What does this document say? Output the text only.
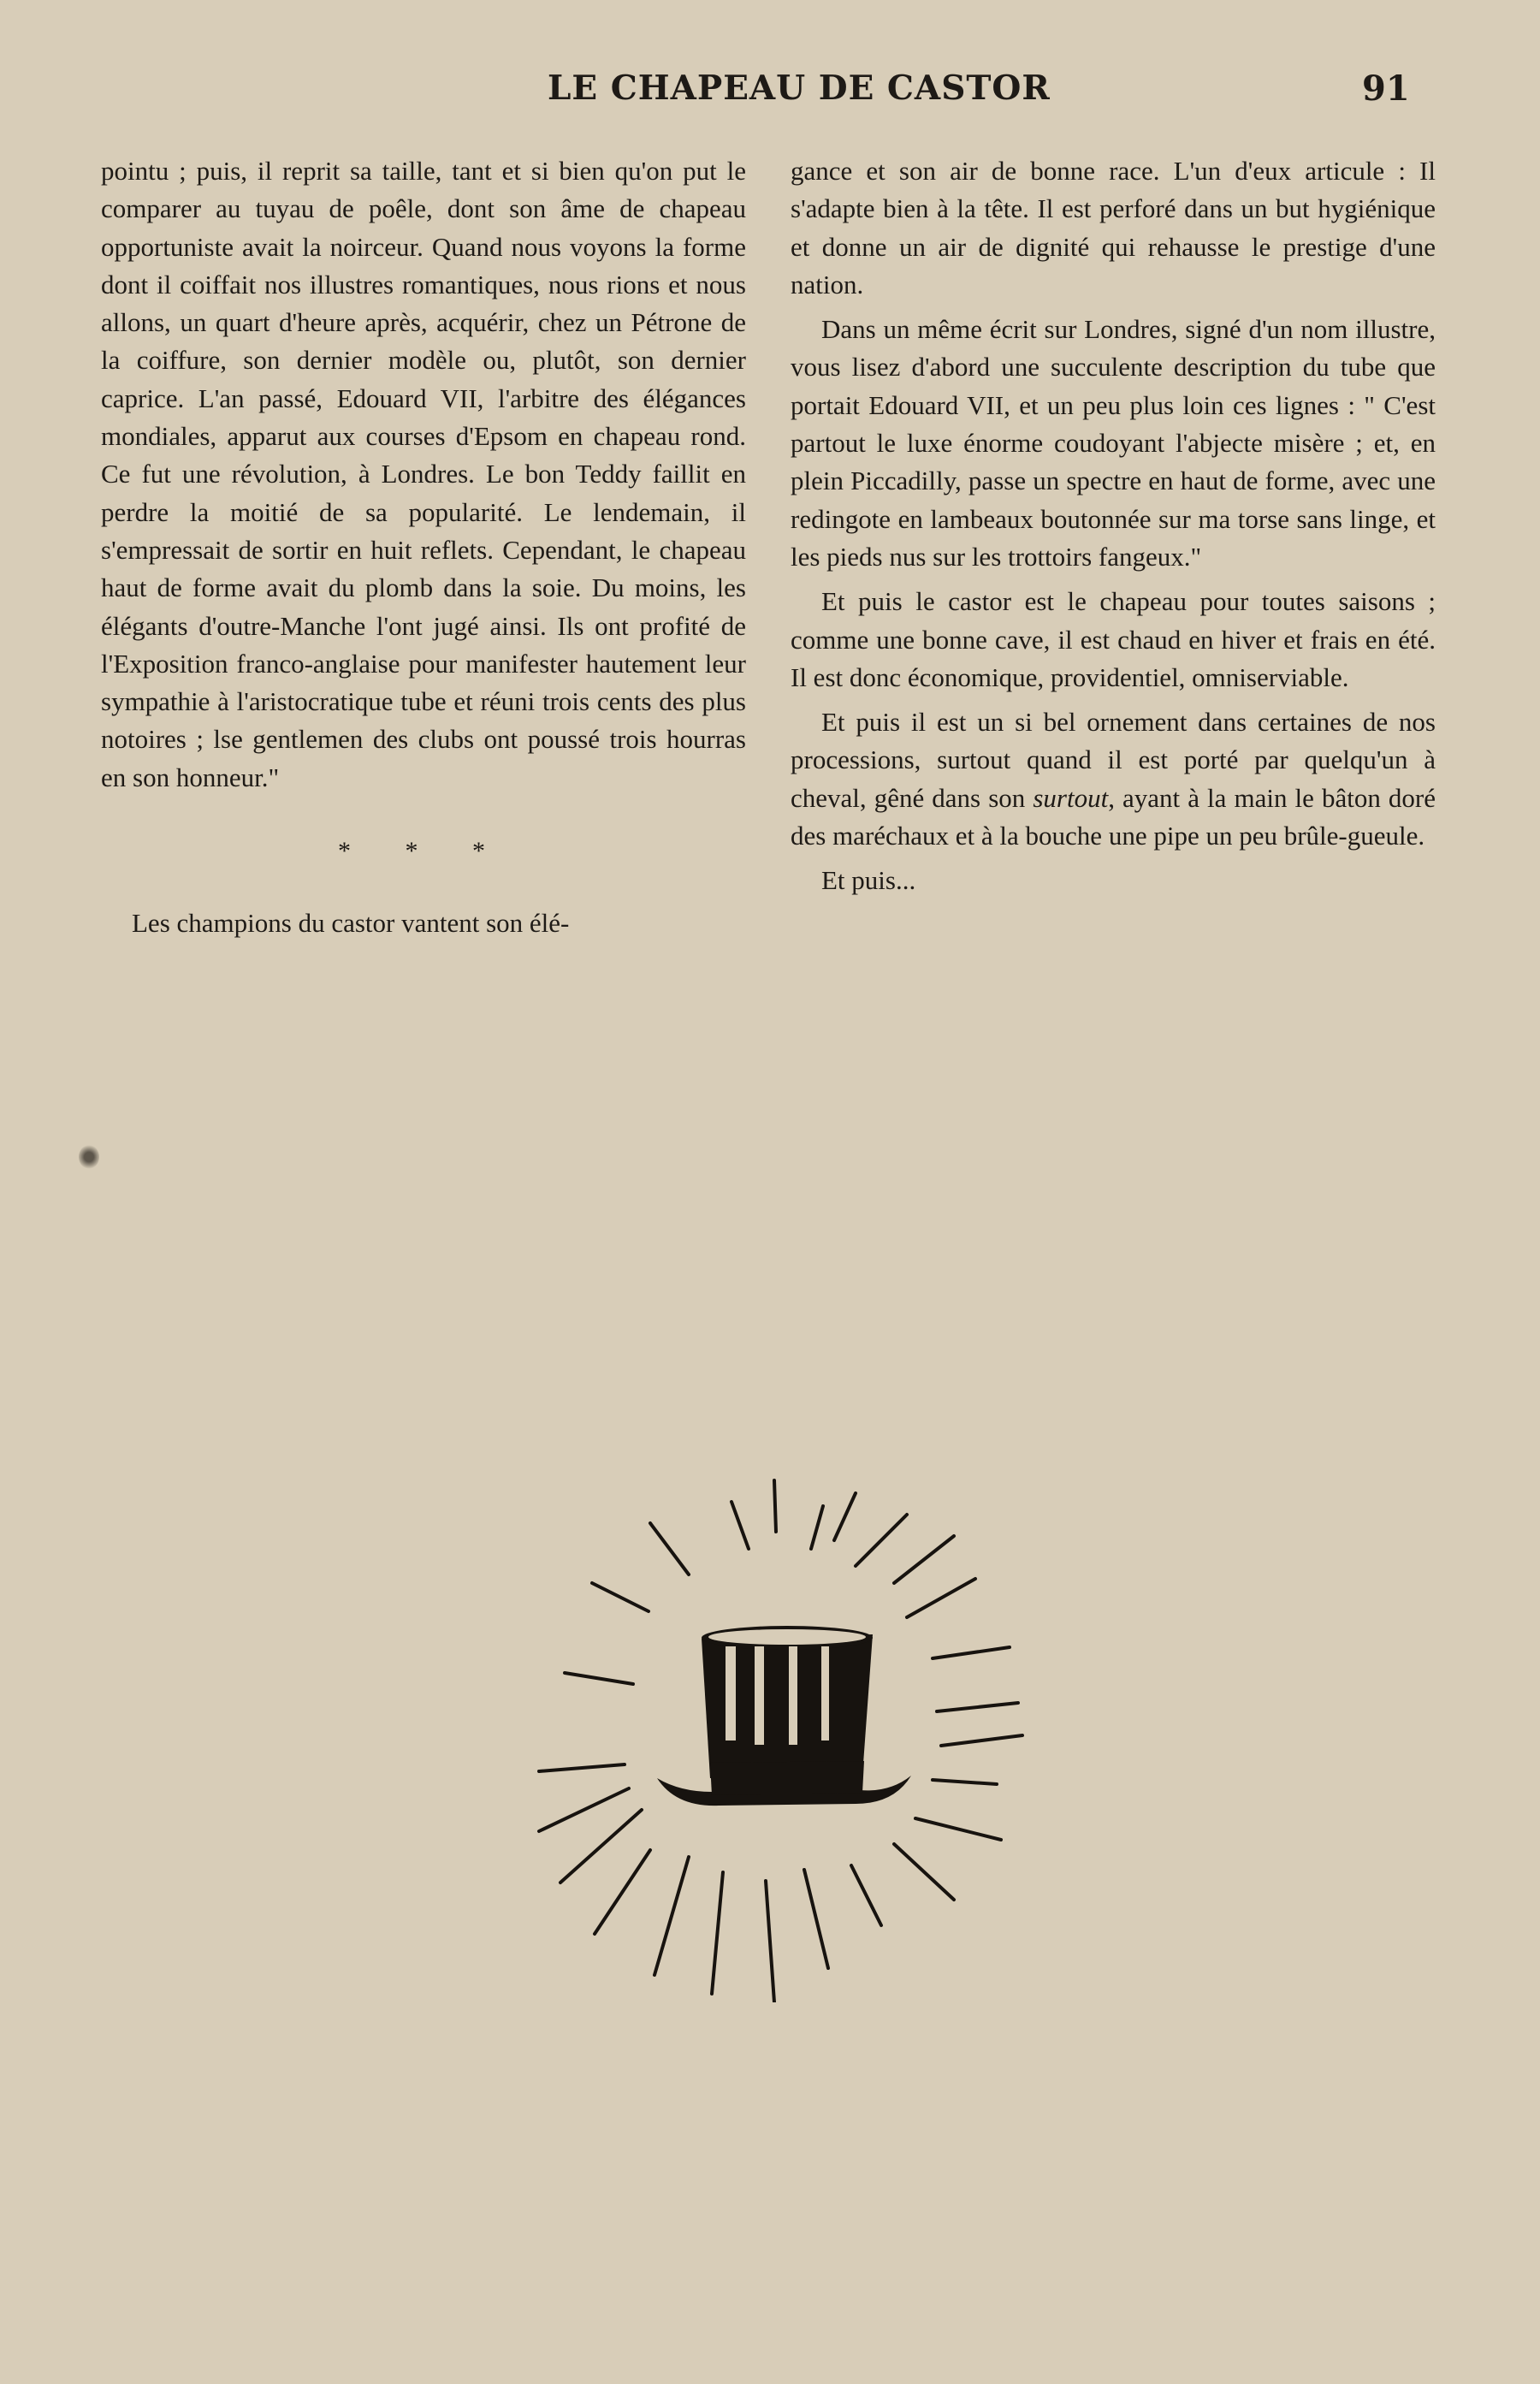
LE CHAPEAU DE CASTOR	91

pointu ; puis, il reprit sa taille, tant et si bien qu'on put le comparer au tuyau de poêle, dont son âme de chapeau opportuniste avait la noirceur. Quand nous voyons la forme dont il coiffait nos illustres romantiques, nous rions et nous allons, un quart d'heure après, acquérir, chez un Pétrone de la coiffure, son dernier modèle ou, plutôt, son dernier caprice. L'an passé, Edouard VII, l'arbitre des élégances mondiales, apparut aux courses d'Epsom en chapeau rond. Ce fut une révolution, à Londres. Le bon Teddy faillit en perdre la moitié de sa popularité. Le lendemain, il s'empressait de sortir en huit reflets. Cependant, le chapeau haut de forme avait du plomb dans la soie. Du moins, les élégants d'outre-Manche l'ont jugé ainsi. Ils ont profité de l'Exposition franco-anglaise pour manifester hautement leur sympathie à l'aristocratique tube et réuni trois cents des plus notoires ; lse gentlemen des clubs ont poussé trois hourras en son honneur."

* * *

Les champions du castor vantent son élé-

gance et son air de bonne race. L'un d'eux articule : Il s'adapte bien à la tête. Il est perforé dans un but hygiénique et donne un air de dignité qui rehausse le prestige d'une nation.

Dans un même écrit sur Londres, signé d'un nom illustre, vous lisez d'abord une succulente description du tube que portait Edouard VII, et un peu plus loin ces lignes : " C'est partout le luxe énorme coudoyant l'abjecte misère ; et, en plein Piccadilly, passe un spectre en haut de forme, avec une redingote en lambeaux boutonnée sur ma torse sans linge, et les pieds nus sur les trottoirs fangeux."

Et puis le castor est le chapeau pour toutes saisons ; comme une bonne cave, il est chaud en hiver et frais en été. Il est donc économique, providentiel, omniserviable.

Et puis il est un si bel ornement dans certaines de nos processions, surtout quand il est porté par quelqu'un à cheval, gêné dans son surtout, ayant à la main le bâton doré des maréchaux et à la bouche une pipe un peu brûle-gueule.

Et puis...
